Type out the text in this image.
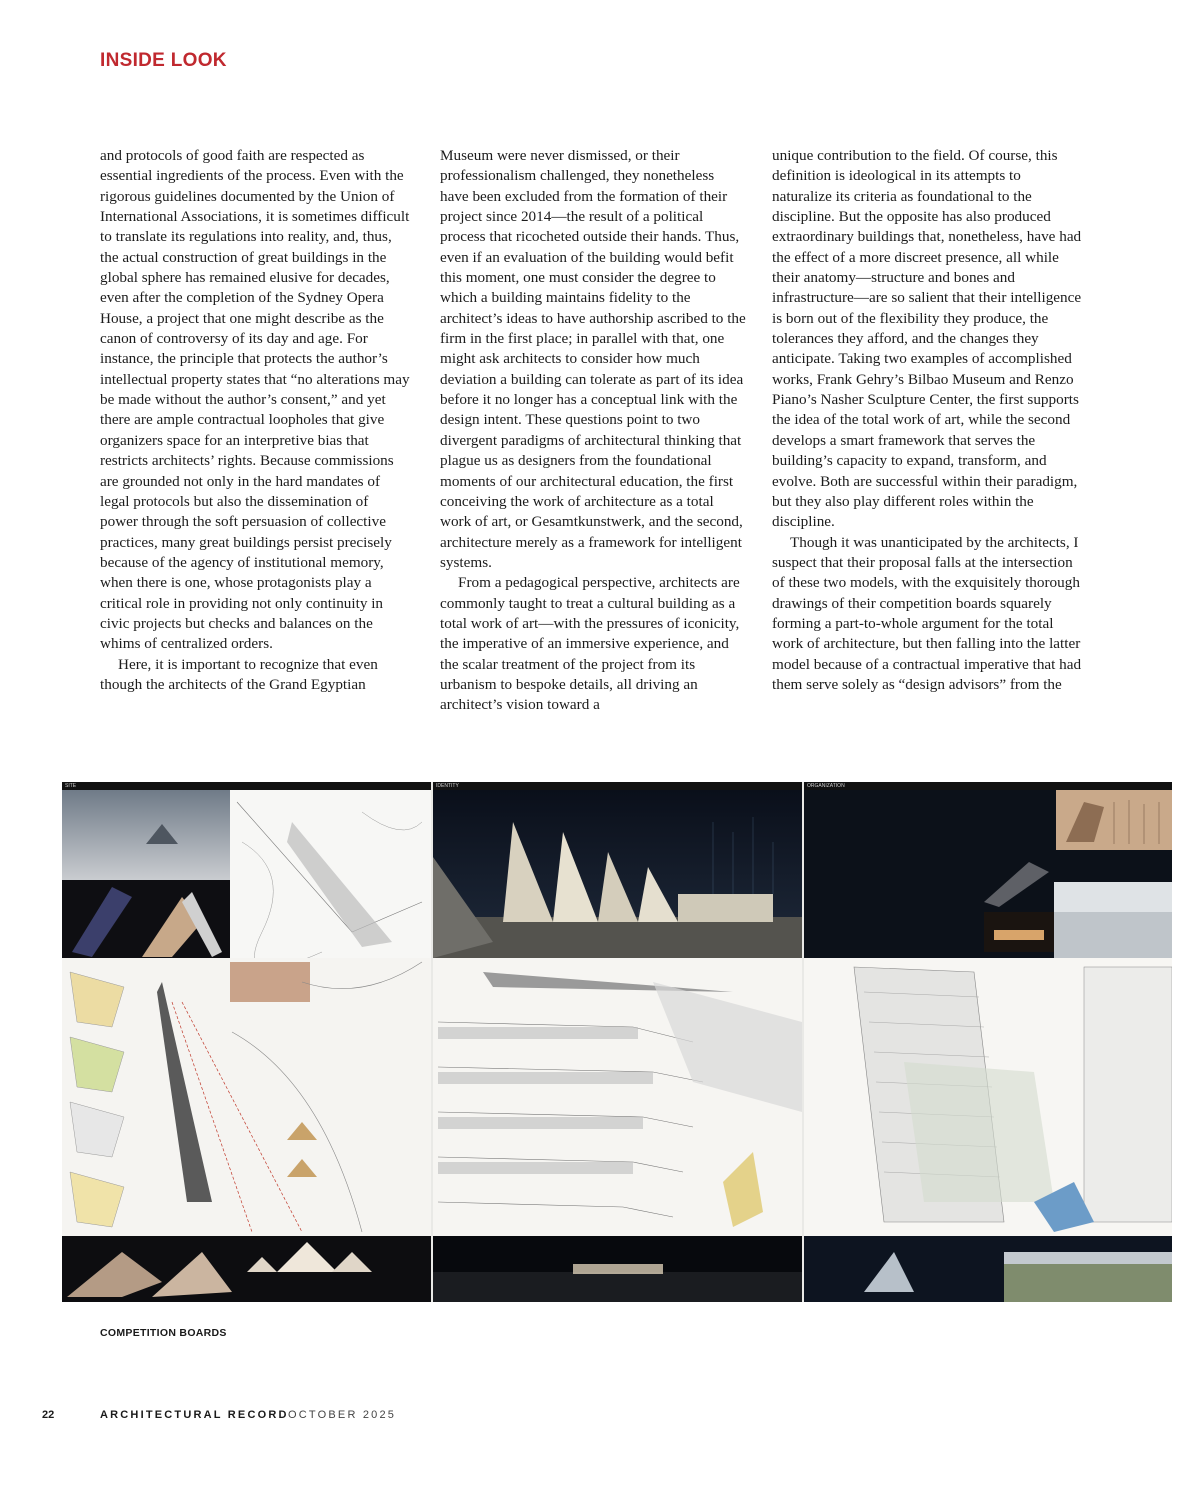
INSIDE LOOK

and protocols of good faith are respected as essential ingredients of the process. Even with the rigorous guidelines documented by the Union of International Associations, it is sometimes difficult to translate its regulations into reality, and, thus, the actual construction of great buildings in the global sphere has remained elusive for decades, even after the completion of the Sydney Opera House, a project that one might describe as the canon of controversy of its day and age. For instance, the principle that protects the author’s intellectual property states that “no alterations may be made without the author’s consent,” and yet there are ample contractual loopholes that give organizers space for an interpretive bias that restricts architects’ rights. Because commissions are grounded not only in the hard mandates of legal protocols but also the dissemination of power through the soft persuasion of collective practices, many great buildings persist precisely because of the agency of institutional memory, when there is one, whose protagonists play a critical role in providing not only continuity in civic projects but checks and balances on the whims of centralized orders.

Here, it is important to recognize that even though the architects of the Grand Egyptian

Museum were never dismissed, or their professionalism challenged, they nonetheless have been excluded from the formation of their project since 2014—the result of a political process that ricocheted outside their hands. Thus, even if an evaluation of the building would befit this moment, one must consider the degree to which a building maintains fidelity to the architect’s ideas to have authorship ascribed to the firm in the first place; in parallel with that, one might ask architects to consider how much deviation a building can tolerate as part of its idea before it no longer has a conceptual link with the design intent. These questions point to two divergent paradigms of architectural thinking that plague us as designers from the foundational moments of our architectural education, the first conceiving the work of architecture as a total work of art, or Gesamtkunstwerk, and the second, architecture merely as a framework for intelligent systems.

From a pedagogical perspective, architects are commonly taught to treat a cultural building as a total work of art—with the pressures of iconicity, the imperative of an immersive experience, and the scalar treatment of the project from its urbanism to bespoke details, all driving an architect’s vision toward a

unique contribution to the field. Of course, this definition is ideological in its attempts to naturalize its criteria as foundational to the discipline. But the opposite has also produced extraordinary buildings that, nonetheless, have had the effect of a more discreet presence, all while their anatomy—structure and bones and infrastructure—are so salient that their intelligence is born out of the flexibility they produce, the tolerances they afford, and the changes they anticipate. Taking two examples of accomplished works, Frank Gehry’s Bilbao Museum and Renzo Piano’s Nasher Sculpture Center, the first supports the idea of the total work of art, while the second develops a smart framework that serves the building’s capacity to expand, transform, and evolve. Both are successful within their paradigm, but they also play different roles within the discipline.

Though it was unanticipated by the architects, I suspect that their proposal falls at the intersection of these two models, with the exquisitely thorough drawings of their competition boards squarely forming a part-to-whole argument for the total work of architecture, but then falling into the latter model because of a contractual imperative that had them serve solely as “design advisors” from the

SITE	IDENTITY	ORGANIZATION

COMPETITION BOARDS

22	ARCHITECTURAL RECORD OCTOBER 2025
